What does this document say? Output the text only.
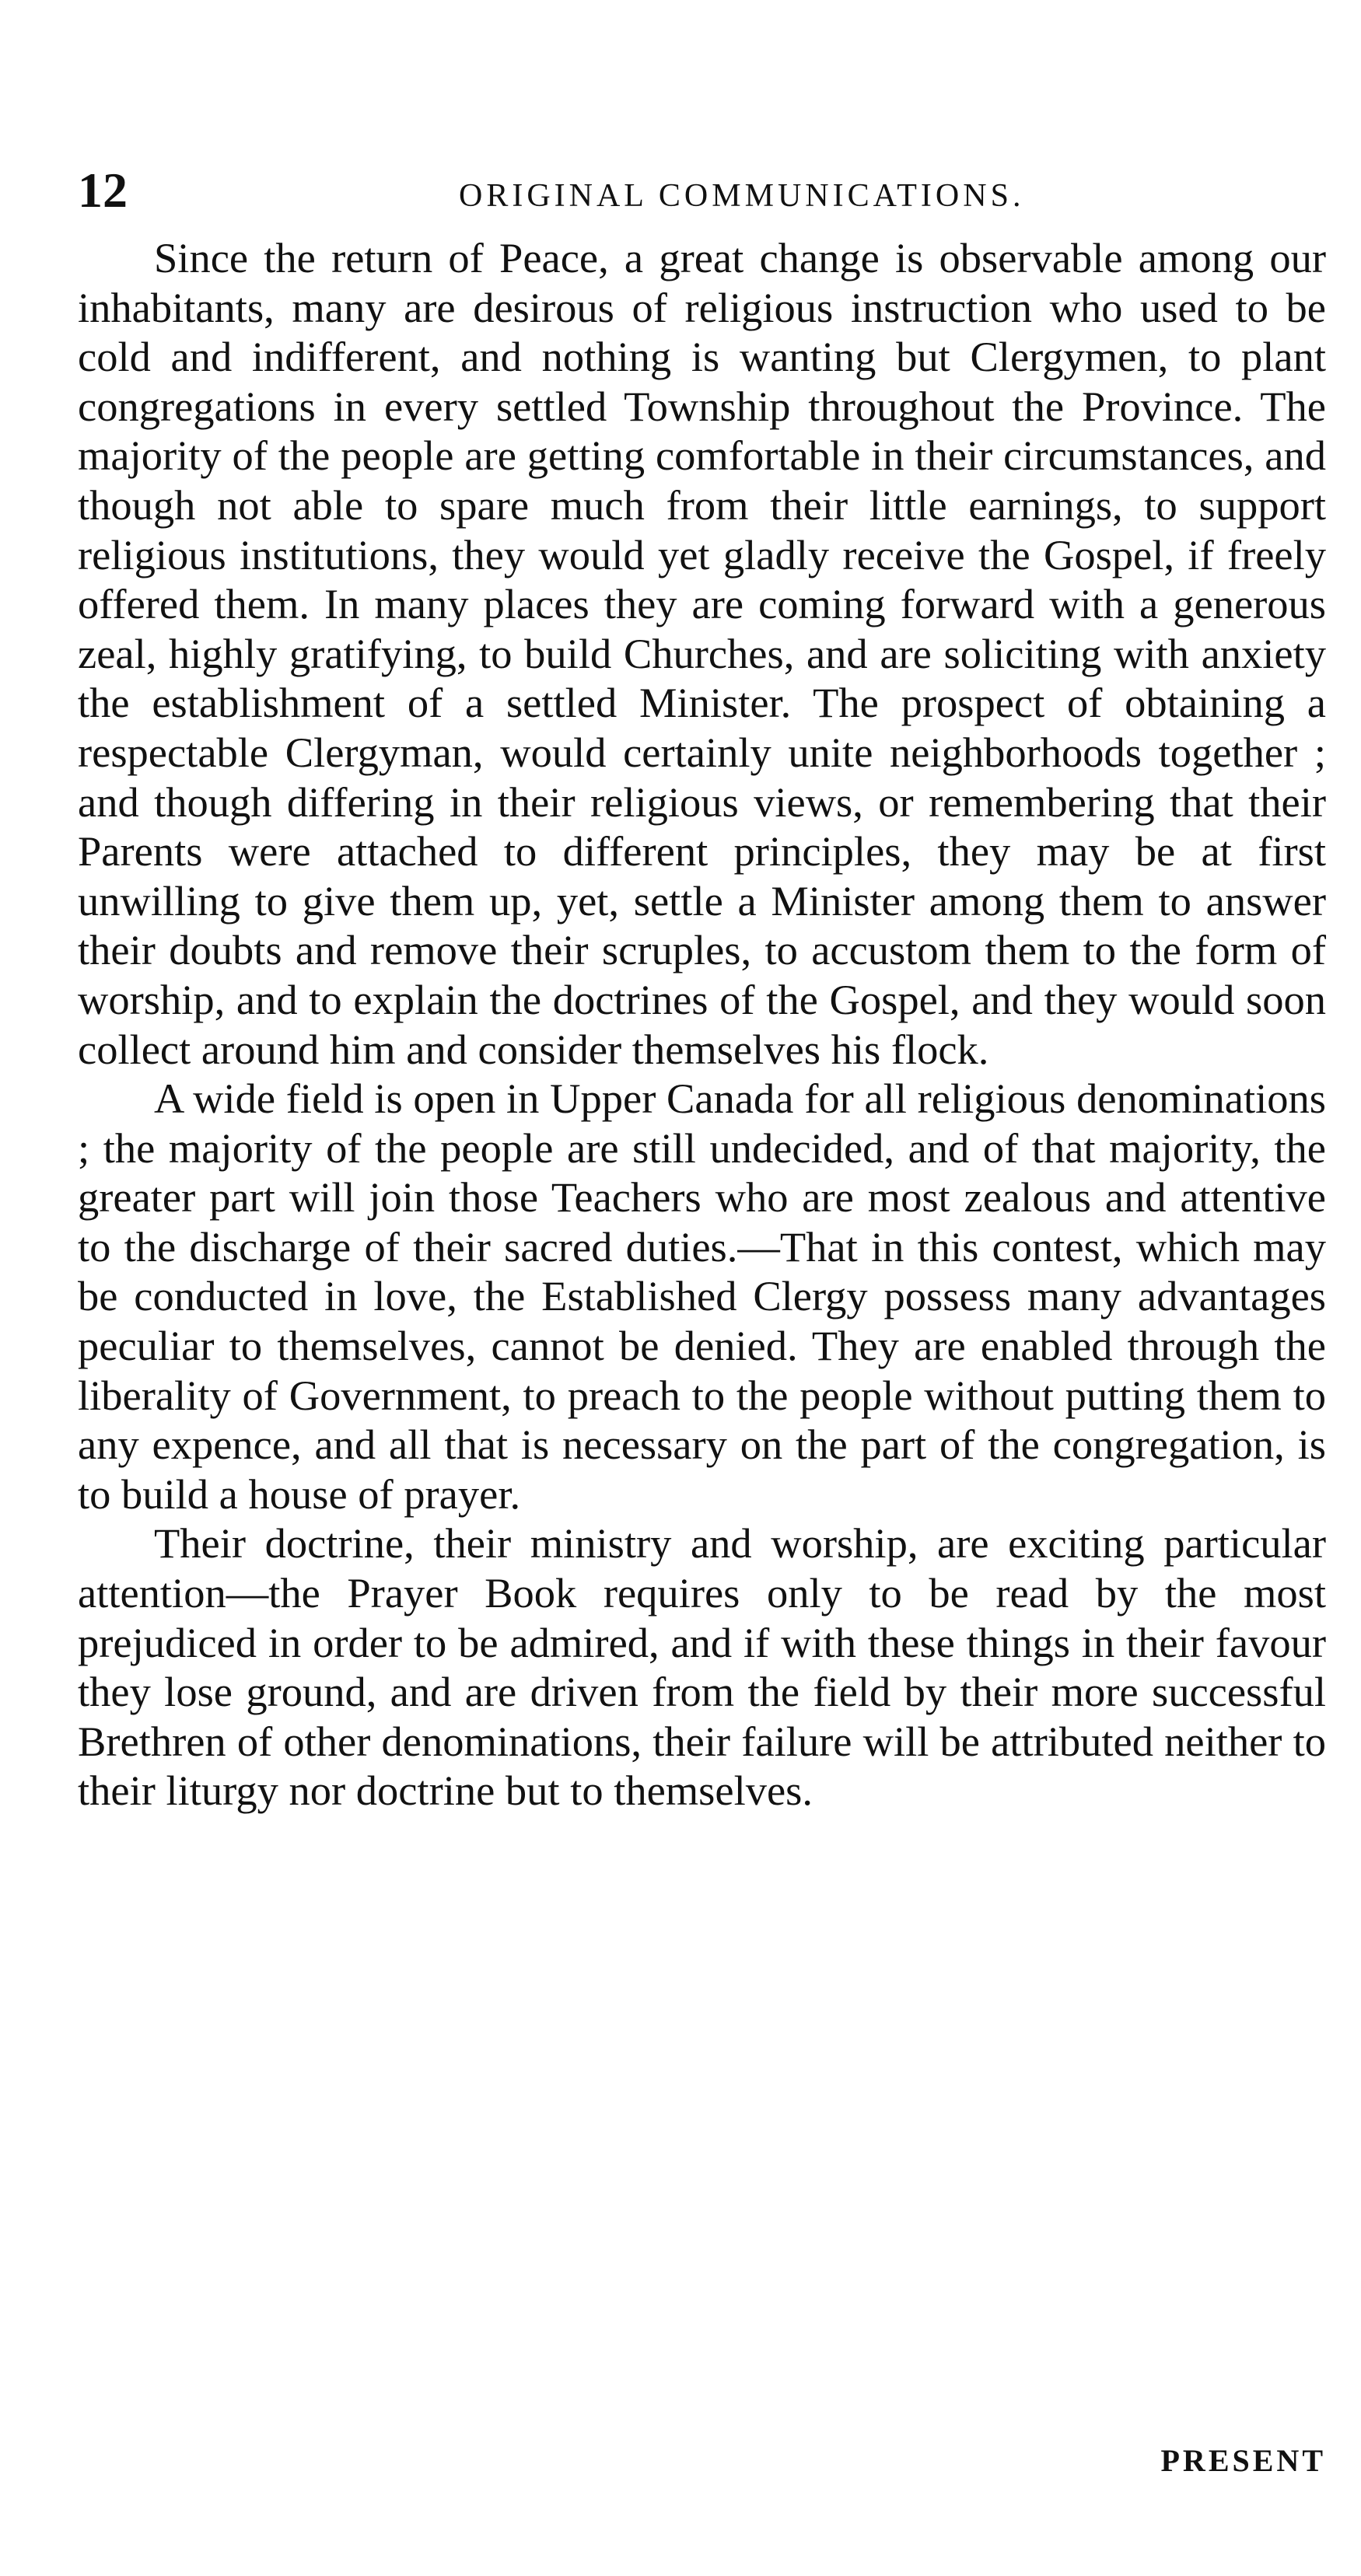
12	ORIGINAL COMMUNICATIONS.

Since the return of Peace, a great change is observable among our inhabitants, many are desirous of religious instruction who used to be cold and indifferent, and nothing is wanting but Clergymen, to plant congregations in every settled Township throughout the Province. The majority of the people are getting comfortable in their circumstances, and though not able to spare much from their little earnings, to support religious institutions, they would yet gladly receive the Gospel, if freely offered them. In many places they are coming forward with a generous zeal, highly gratifying, to build Churches, and are soliciting with anxiety the establishment of a settled Minister. The prospect of obtaining a respectable Clergyman, would certainly unite neighborhoods together ; and though differing in their religious views, or remembering that their Parents were attached to different principles, they may be at first unwilling to give them up, yet, settle a Minister among them to answer their doubts and remove their scruples, to accustom them to the form of worship, and to explain the doctrines of the Gospel, and they would soon collect around him and consider themselves his flock.

A wide field is open in Upper Canada for all religious denominations ; the majority of the people are still undecided, and of that majority, the greater part will join those Teachers who are most zealous and attentive to the discharge of their sacred duties.—That in this contest, which may be conducted in love, the Established Clergy possess many advantages peculiar to themselves, cannot be denied. They are enabled through the liberality of Government, to preach to the people without putting them to any expence, and all that is necessary on the part of the congregation, is to build a house of prayer.

Their doctrine, their ministry and worship, are exciting particular attention—the Prayer Book requires only to be read by the most prejudiced in order to be admired, and if with these things in their favour they lose ground, and are driven from the field by their more successful Brethren of other denominations, their failure will be attributed neither to their liturgy nor doctrine but to themselves.

PRESENT
